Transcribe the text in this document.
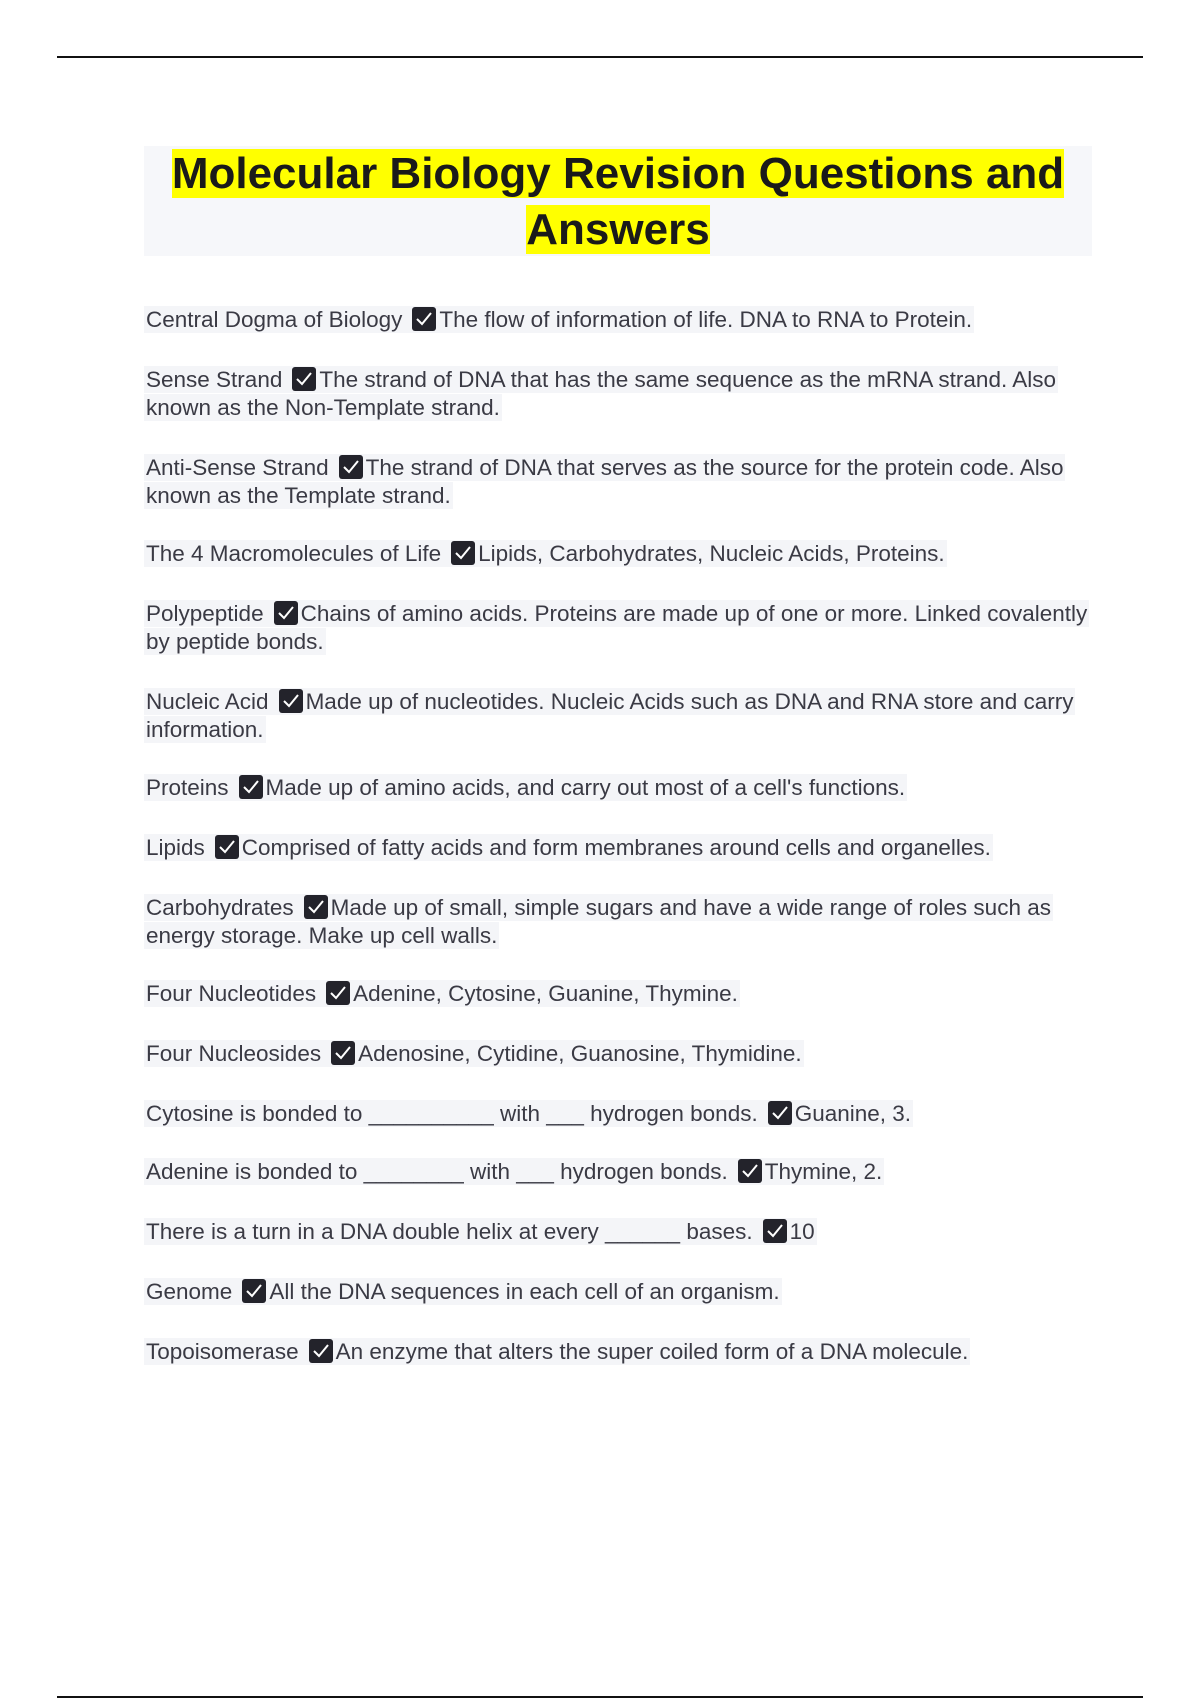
Molecular Biology Revision Questions and Answers

Central Dogma of Biology The flow of information of life. DNA to RNA to Protein.

Sense Strand The strand of DNA that has the same sequence as the mRNA strand. Also known as the Non-Template strand.

Anti-Sense Strand The strand of DNA that serves as the source for the protein code. Also known as the Template strand.

The 4 Macromolecules of Life Lipids, Carbohydrates, Nucleic Acids, Proteins.

Polypeptide Chains of amino acids. Proteins are made up of one or more. Linked covalently by peptide bonds.

Nucleic Acid Made up of nucleotides. Nucleic Acids such as DNA and RNA store and carry information.

Proteins Made up of amino acids, and carry out most of a cell's functions.

Lipids Comprised of fatty acids and form membranes around cells and organelles.

Carbohydrates Made up of small, simple sugars and have a wide range of roles such as energy storage. Make up cell walls.

Four Nucleotides Adenine, Cytosine, Guanine, Thymine.

Four Nucleosides Adenosine, Cytidine, Guanosine, Thymidine.

Cytosine is bonded to __________ with ___ hydrogen bonds. Guanine, 3.

Adenine is bonded to ________ with ___ hydrogen bonds. Thymine, 2.

There is a turn in a DNA double helix at every ______ bases. 10

Genome All the DNA sequences in each cell of an organism.

Topoisomerase An enzyme that alters the super coiled form of a DNA molecule.
